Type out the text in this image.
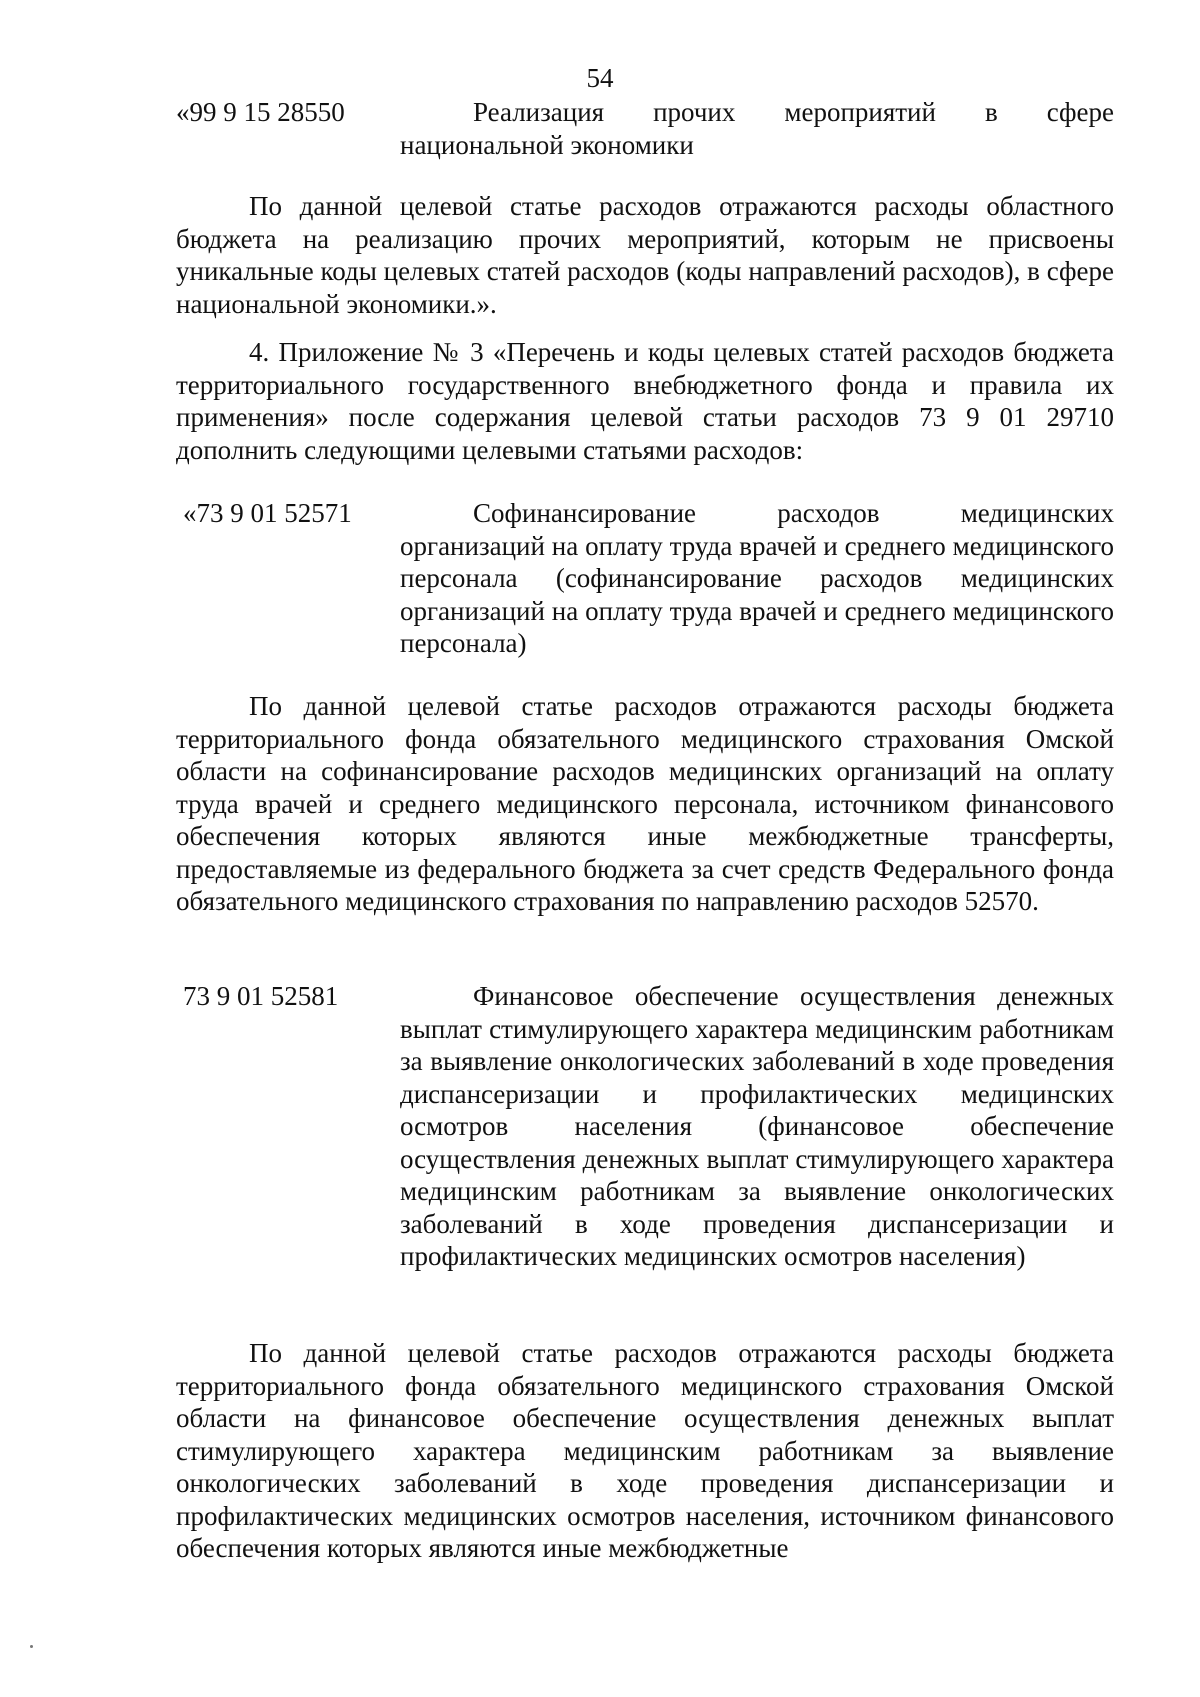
54
«99 9 15 28550	Реализация прочих мероприятий в сфере национальной экономики

По данной целевой статье расходов отражаются расходы областного бюджета на реализацию прочих мероприятий, которым не присвоены уникальные коды целевых статей расходов (коды направлений расходов), в сфере национальной экономики.».

4. Приложение № 3 «Перечень и коды целевых статей расходов бюджета территориального государственного внебюджетного фонда и правила их применения» после содержания целевой статьи расходов 73 9 01 29710 дополнить следующими целевыми статьями расходов:

«73 9 01 52571	Софинансирование расходов медицинских организаций на оплату труда врачей и среднего медицинского персонала (софинансирование расходов медицинских организаций на оплату труда врачей и среднего медицинского персонала)

По данной целевой статье расходов отражаются расходы бюджета территориального фонда обязательного медицинского страхования Омской области на софинансирование расходов медицинских организаций на оплату труда врачей и среднего медицинского персонала, источником финансового обеспечения которых являются иные межбюджетные трансферты, предоставляемые из федерального бюджета за счет средств Федерального фонда обязательного медицинского страхования по направлению расходов 52570.

73 9 01 52581	Финансовое обеспечение осуществления денежных выплат стимулирующего характера медицинским работникам за выявление онкологических заболеваний в ходе проведения диспансеризации и профилактических медицинских осмотров населения (финансовое обеспечение осуществления денежных выплат стимулирующего характера медицинским работникам за выявление онкологических заболеваний в ходе проведения диспансеризации и профилактических медицинских осмотров населения)

По данной целевой статье расходов отражаются расходы бюджета территориального фонда обязательного медицинского страхования Омской области на финансовое обеспечение осуществления денежных выплат стимулирующего характера медицинским работникам за выявление онкологических заболеваний в ходе проведения диспансеризации и профилактических медицинских осмотров населения, источником финансового обеспечения которых являются иные межбюджетные
